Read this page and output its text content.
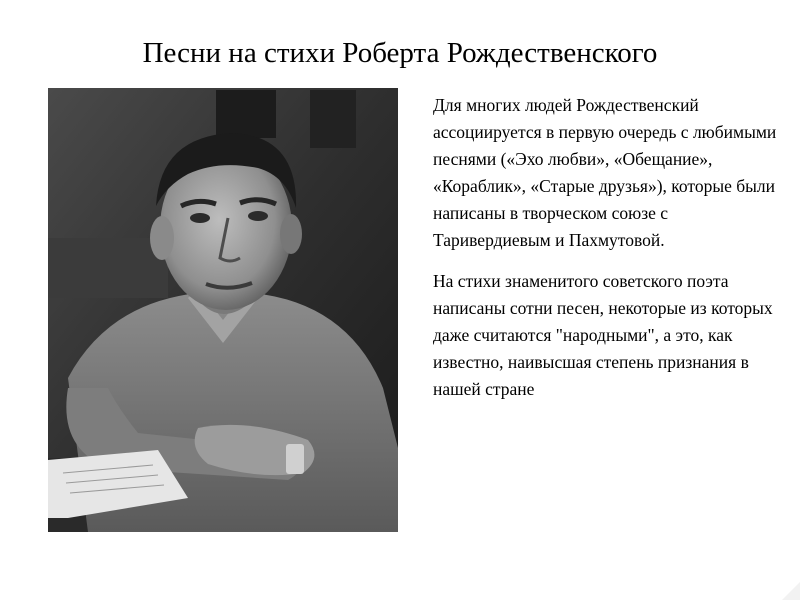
Песни на стихи Роберта Рождественского

Для многих людей Рождественский ассоциируется в первую очередь с любимыми песнями («Эхо любви», «Обещание», «Кораблик», «Старые друзья»), которые были написаны в творческом союзе с Таривердиевым и Пахмутовой.

На стихи знаменитого советского поэта написаны сотни песен, некоторые из которых даже считаются "народными", а это, как известно, наивысшая степень признания в нашей стране
